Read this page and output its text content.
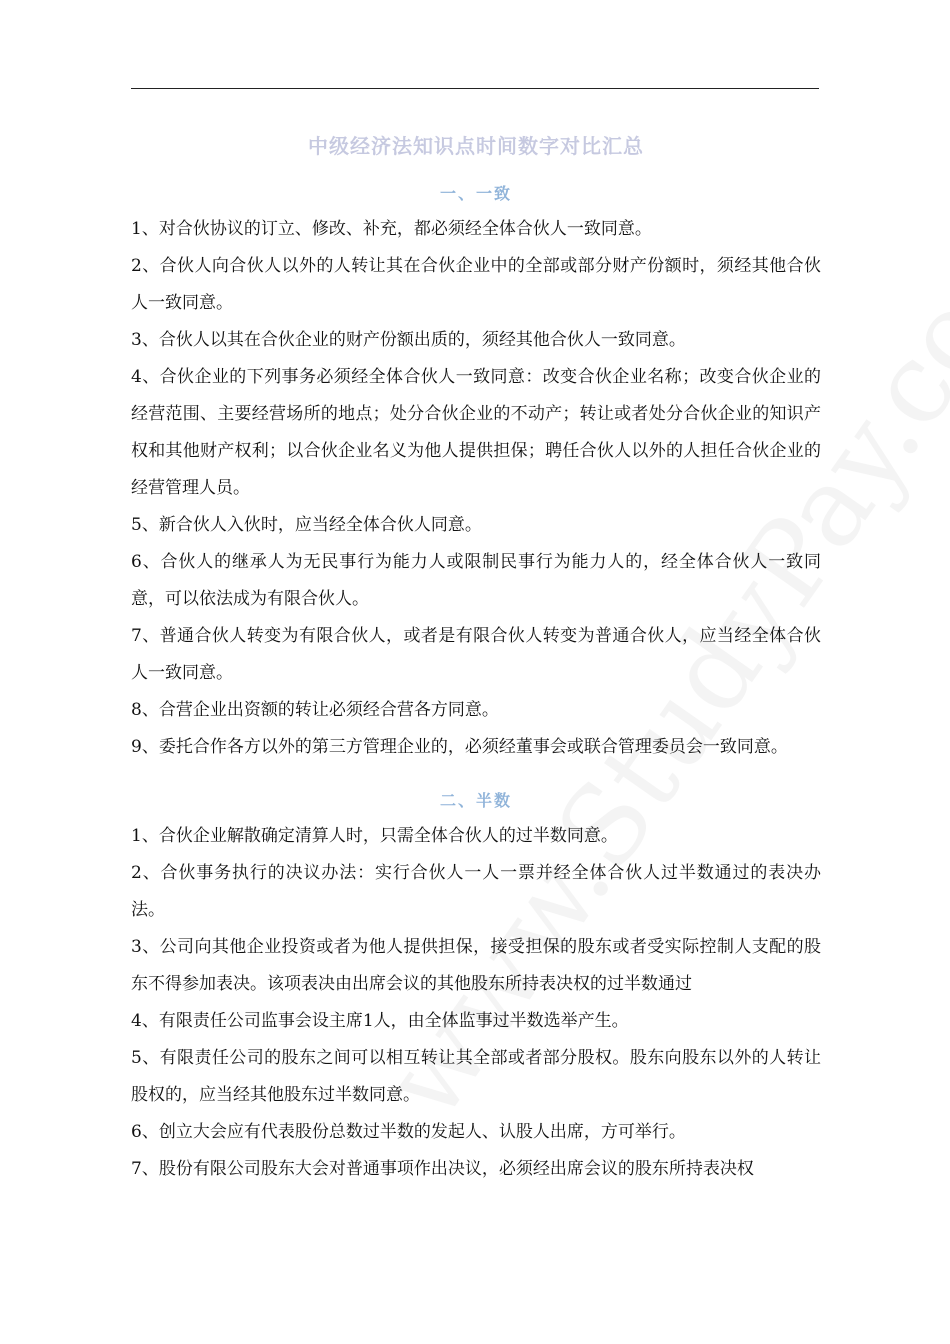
中级经济法知识点时间数字对比汇总
一、一致

1、对合伙协议的订立、修改、补充，都必须经全体合伙人一致同意。

2、合伙人向合伙人以外的人转让其在合伙企业中的全部或部分财产份额时，须经其他合伙人一致同意。

3、合伙人以其在合伙企业的财产份额出质的，须经其他合伙人一致同意。

4、合伙企业的下列事务必须经全体合伙人一致同意：改变合伙企业名称；改变合伙企业的经营范围、主要经营场所的地点；处分合伙企业的不动产；转让或者处分合伙企业的知识产权和其他财产权利；以合伙企业名义为他人提供担保；聘任合伙人以外的人担任合伙企业的经营管理人员。

5、新合伙人入伙时，应当经全体合伙人同意。

6、合伙人的继承人为无民事行为能力人或限制民事行为能力人的，经全体合伙人一致同意，可以依法成为有限合伙人。

7、普通合伙人转变为有限合伙人，或者是有限合伙人转变为普通合伙人，应当经全体合伙人一致同意。

8、合营企业出资额的转让必须经合营各方同意。

9、委托合作各方以外的第三方管理企业的，必须经董事会或联合管理委员会一致同意。

二、半数

1、合伙企业解散确定清算人时，只需全体合伙人的过半数同意。

2、合伙事务执行的决议办法：实行合伙人一人一票并经全体合伙人过半数通过的表决办法。

3、公司向其他企业投资或者为他人提供担保，接受担保的股东或者受实际控制人支配的股东不得参加表决。该项表决由出席会议的其他股东所持表决权的过半数通过

4、有限责任公司监事会设主席1人，由全体监事过半数选举产生。

5、有限责任公司的股东之间可以相互转让其全部或者部分股权。股东向股东以外的人转让股权的，应当经其他股东过半数同意。

6、创立大会应有代表股份总数过半数的发起人、认股人出席，方可举行。

7、股份有限公司股东大会对普通事项作出决议，必须经出席会议的股东所持表决权
